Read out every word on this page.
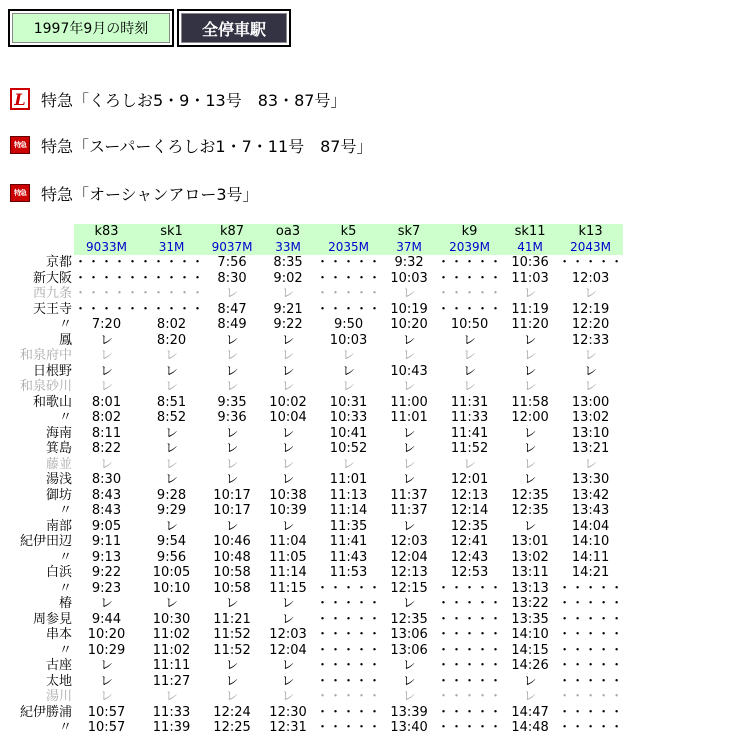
1997年9月の時刻	全停車駅
L 特急「くろしお5・9・13号　83・87号」
特急 特急「スーパーくろしお1・7・11号　87号」
特急 特急「オーシャンアロー3号」
	k83	sk1	k87	oa3	k5	sk7	k9	sk11	k13
	9033M	31M	9037M	33M	2035M	37M	2039M	41M	2043M
京都	・・・・・	・・・・・	7:56	8:35	・・・・・	9:32	・・・・・	10:36	・・・・・
新大阪	・・・・・	・・・・・	8:30	9:02	・・・・・	10:03	・・・・・	11:03	12:03
西九条	・・・・・	・・・・・	レ	レ	・・・・・	レ	・・・・・	レ	レ
天王寺	・・・・・	・・・・・	8:47	9:21	・・・・・	10:19	・・・・・	11:19	12:19
〃	7:20	8:02	8:49	9:22	9:50	10:20	10:50	11:20	12:20
鳳	レ	8:20	レ	レ	10:03	レ	レ	レ	12:33
和泉府中	レ	レ	レ	レ	レ	レ	レ	レ	レ
日根野	レ	レ	レ	レ	レ	10:43	レ	レ	レ
和泉砂川	レ	レ	レ	レ	レ	レ	レ	レ	レ
和歌山	8:01	8:51	9:35	10:02	10:31	11:00	11:31	11:58	13:00
〃	8:02	8:52	9:36	10:04	10:33	11:01	11:33	12:00	13:02
海南	8:11	レ	レ	レ	10:41	レ	11:41	レ	13:10
箕島	8:22	レ	レ	レ	10:52	レ	11:52	レ	13:21
藤並	レ	レ	レ	レ	レ	レ	レ	レ	レ
湯浅	8:30	レ	レ	レ	11:01	レ	12:01	レ	13:30
御坊	8:43	9:28	10:17	10:38	11:13	11:37	12:13	12:35	13:42
〃	8:43	9:29	10:17	10:39	11:14	11:37	12:14	12:35	13:43
南部	9:05	レ	レ	レ	11:35	レ	12:35	レ	14:04
紀伊田辺	9:11	9:54	10:46	11:04	11:41	12:03	12:41	13:01	14:10
〃	9:13	9:56	10:48	11:05	11:43	12:04	12:43	13:02	14:11
白浜	9:22	10:05	10:58	11:14	11:53	12:13	12:53	13:11	14:21
〃	9:23	10:10	10:58	11:15	・・・・・	12:15	・・・・・	13:13	・・・・・
椿	レ	レ	レ	レ	・・・・・	レ	・・・・・	13:22	・・・・・
周参見	9:44	10:30	11:21	レ	・・・・・	12:35	・・・・・	13:35	・・・・・
串本	10:20	11:02	11:52	12:03	・・・・・	13:06	・・・・・	14:10	・・・・・
〃	10:29	11:02	11:52	12:04	・・・・・	13:06	・・・・・	14:15	・・・・・
古座	レ	11:11	レ	レ	・・・・・	レ	・・・・・	14:26	・・・・・
太地	レ	11:27	レ	レ	・・・・・	レ	・・・・・	レ	・・・・・
湯川	レ	レ	レ	レ	・・・・・	レ	・・・・・	レ	・・・・・
紀伊勝浦	10:57	11:33	12:24	12:30	・・・・・	13:39	・・・・・	14:47	・・・・・
〃	10:57	11:39	12:25	12:31	・・・・・	13:40	・・・・・	14:48	・・・・・
